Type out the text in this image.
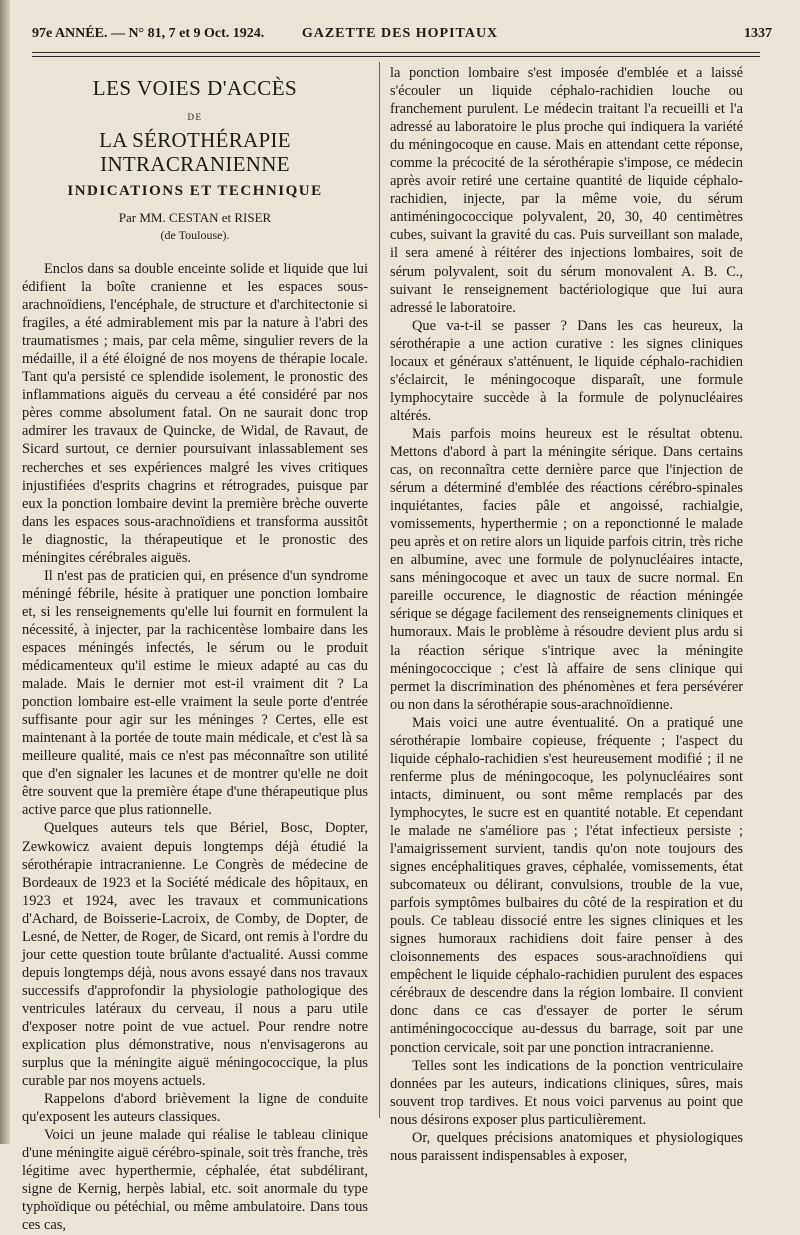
97e ANNÉE. — N° 81, 7 et 9 Oct. 1924.	GAZETTE DES HOPITAUX	1337
LES VOIES D'ACCÈS
DE
LA SÉROTHÉRAPIE INTRACRANIENNE
INDICATIONS ET TECHNIQUE
Par MM. CESTAN et RISER
(de Toulouse).

Enclos dans sa double enceinte solide et liquide que lui édifient la boîte cranienne et les espaces sous-arachnoïdiens, l'encéphale, de structure et d'architectonie si fragiles, a été admirablement mis par la nature à l'abri des traumatismes ; mais, par cela même, singulier revers de la médaille, il a été éloigné de nos moyens de thérapie locale. Tant qu'a persisté ce splendide isolement, le pronostic des inflammations aiguës du cerveau a été considéré par nos pères comme absolument fatal. On ne saurait donc trop admirer les travaux de Quincke, de Widal, de Ravaut, de Sicard surtout, ce dernier poursuivant inlassablement ses recherches et ses expériences malgré les vives critiques injustifiées d'esprits chagrins et rétrogrades, puisque par eux la ponction lombaire devint la première brèche ouverte dans les espaces sous-arachnoïdiens et transforma aussitôt le diagnostic, la thérapeutique et le pronostic des méningites cérébrales aiguës.

Il n'est pas de praticien qui, en présence d'un syndrome méningé fébrile, hésite à pratiquer une ponction lombaire et, si les renseignements qu'elle lui fournit en formulent la nécessité, à injecter, par la rachicentèse lombaire dans les espaces méningés infectés, le sérum ou le produit médicamenteux qu'il estime le mieux adapté au cas du malade. Mais le dernier mot est-il vraiment dit ? La ponction lombaire est-elle vraiment la seule porte d'entrée suffisante pour agir sur les méninges ? Certes, elle est maintenant à la portée de toute main médicale, et c'est là sa meilleure qualité, mais ce n'est pas méconnaître son utilité que d'en signaler les lacunes et de montrer qu'elle ne doit être souvent que la première étape d'une thérapeutique plus active parce que plus rationnelle.

Quelques auteurs tels que Bériel, Bosc, Dopter, Zewkowicz avaient depuis longtemps déjà étudié la sérothérapie intracranienne. Le Congrès de médecine de Bordeaux de 1923 et la Société médicale des hôpitaux, en 1923 et 1924, avec les travaux et communications d'Achard, de Boisserie-Lacroix, de Comby, de Dopter, de Lesné, de Netter, de Roger, de Sicard, ont remis à l'ordre du jour cette question toute brûlante d'actualité. Aussi comme depuis longtemps déjà, nous avons essayé dans nos travaux successifs d'approfondir la physiologie pathologique des ventricules latéraux du cerveau, il nous a paru utile d'exposer notre point de vue actuel. Pour rendre notre explication plus démonstrative, nous n'envisagerons au surplus que la méningite aiguë méningococcique, la plus curable par nos moyens actuels.

Rappelons d'abord brièvement la ligne de conduite qu'exposent les auteurs classiques.

Voici un jeune malade qui réalise le tableau clinique d'une méningite aiguë cérébro-spinale, soit très franche, très légitime avec hyperthermie, céphalée, état subdélirant, signe de Kernig, herpès labial, etc. soit anormale du type typhoïdique ou pétéchial, ou même ambulatoire. Dans tous ces cas,

la ponction lombaire s'est imposée d'emblée et a laissé s'écouler un liquide céphalo-rachidien louche ou franchement purulent. Le médecin traitant l'a recueilli et l'a adressé au laboratoire le plus proche qui indiquera la variété du méningocoque en cause. Mais en attendant cette réponse, comme la précocité de la sérothérapie s'impose, ce médecin après avoir retiré une certaine quantité de liquide céphalo-rachidien, injecte, par la même voie, du sérum antiméningococcique polyvalent, 20, 30, 40 centimètres cubes, suivant la gravité du cas. Puis surveillant son malade, il sera amené à réitérer des injections lombaires, soit de sérum polyvalent, soit du sérum monovalent A. B. C., suivant le renseignement bactériologique que lui aura adressé le laboratoire.

Que va-t-il se passer ? Dans les cas heureux, la sérothérapie a une action curative : les signes cliniques locaux et généraux s'atténuent, le liquide céphalo-rachidien s'éclaircit, le méningocoque disparaît, une formule lymphocytaire succède à la formule de polynucléaires altérés.

Mais parfois moins heureux est le résultat obtenu. Mettons d'abord à part la méningite sérique. Dans certains cas, on reconnaîtra cette dernière parce que l'injection de sérum a déterminé d'emblée des réactions cérébro-spinales inquiétantes, facies pâle et angoissé, rachialgie, vomissements, hyperthermie ; on a reponctionné le malade peu après et on retire alors un liquide parfois citrin, très riche en albumine, avec une formule de polynucléaires intacte, sans méningocoque et avec un taux de sucre normal. En pareille occurence, le diagnostic de réaction méningée sérique se dégage facilement des renseignements cliniques et humoraux. Mais le problème à résoudre devient plus ardu si la réaction sérique s'intrique avec la méningite méningococcique ; c'est là affaire de sens clinique qui permet la discrimination des phénomènes et fera persévérer ou non dans la sérothérapie sous-arachnoïdienne.

Mais voici une autre éventualité. On a pratiqué une sérothérapie lombaire copieuse, fréquente ; l'aspect du liquide céphalo-rachidien s'est heureusement modifié ; il ne renferme plus de méningocoque, les polynucléaires sont intacts, diminuent, ou sont même remplacés par des lymphocytes, le sucre est en quantité notable. Et cependant le malade ne s'améliore pas ; l'état infectieux persiste ; l'amaigrissement survient, tandis qu'on note toujours des signes encéphalitiques graves, céphalée, vomissements, état subcomateux ou délirant, convulsions, trouble de la vue, parfois symptômes bulbaires du côté de la respiration et du pouls. Ce tableau dissocié entre les signes cliniques et les signes humoraux rachidiens doit faire penser à des cloisonnements des espaces sous-arachnoïdiens qui empêchent le liquide céphalo-rachidien purulent des espaces cérébraux de descendre dans la région lombaire. Il convient donc dans ce cas d'essayer de porter le sérum antiméningococcique au-dessus du barrage, soit par une ponction cervicale, soit par une ponction intracranienne.

Telles sont les indications de la ponction ventriculaire données par les auteurs, indications cliniques, sûres, mais souvent trop tardives. Et nous voici parvenus au point que nous désirons exposer plus particulièrement.

Or, quelques précisions anatomiques et physiologiques nous paraissent indispensables à exposer,
